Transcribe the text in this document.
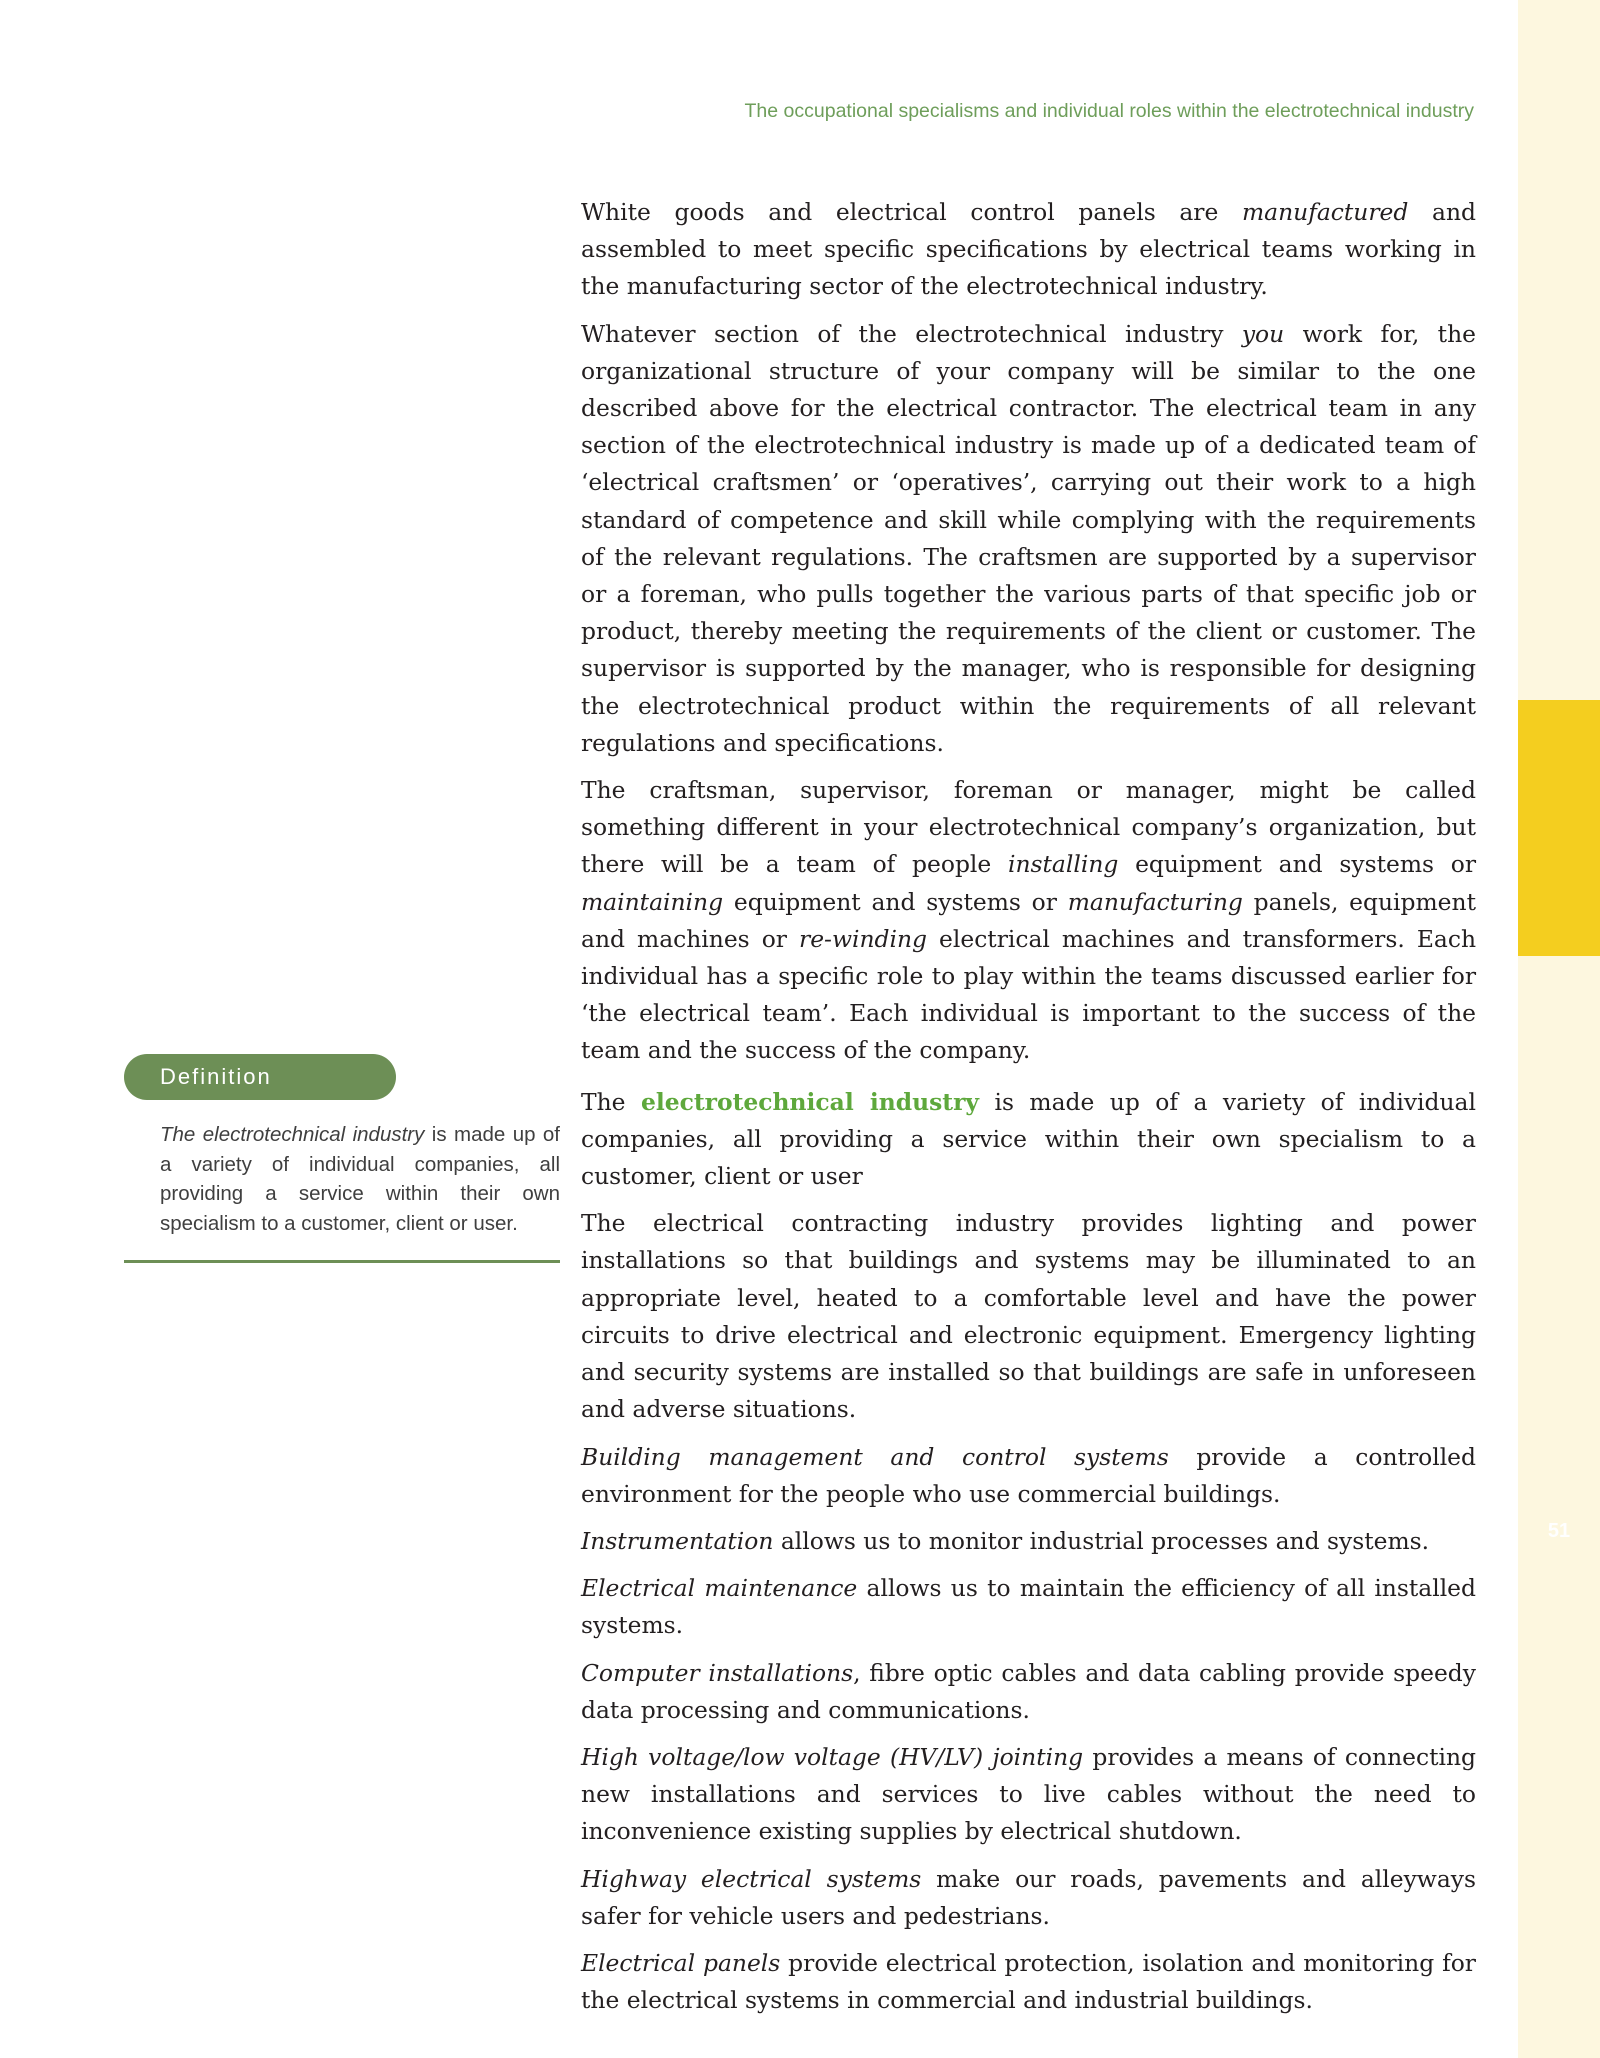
The occupational specialisms and individual roles within the electrotechnical industry
51
Definition
The electrotechnical industry is made up of a variety of individual companies, all providing a service within their own specialism to a customer, client or user.

White goods and electrical control panels are manufactured and assembled to meet specific specifications by electrical teams working in the manufacturing sector of the electrotechnical industry.

Whatever section of the electrotechnical industry you work for, the organizational structure of your company will be similar to the one described above for the electrical contractor. The electrical team in any section of the electrotechnical industry is made up of a dedicated team of ‘electrical craftsmen’ or ‘operatives’, carrying out their work to a high standard of competence and skill while complying with the requirements of the relevant regulations. The craftsmen are supported by a supervisor or a foreman, who pulls together the various parts of that specific job or product, thereby meeting the requirements of the client or customer. The supervisor is supported by the manager, who is responsible for designing the electrotechnical product within the requirements of all relevant regulations and specifications.

The craftsman, supervisor, foreman or manager, might be called something different in your electrotechnical company’s organization, but there will be a team of people installing equipment and systems or maintaining equipment and systems or manufacturing panels, equipment and machines or re-winding electrical machines and transformers. Each individual has a specific role to play within the teams discussed earlier for ‘the electrical team’. Each individual is important to the success of the team and the success of the company.

The electrotechnical industry is made up of a variety of individual companies, all providing a service within their own specialism to a customer, client or user

The electrical contracting industry provides lighting and power installations so that buildings and systems may be illuminated to an appropriate level, heated to a comfortable level and have the power circuits to drive electrical and electronic equipment. Emergency lighting and security systems are installed so that buildings are safe in unforeseen and adverse situations.

Building management and control systems provide a controlled environment for the people who use commercial buildings.

Instrumentation allows us to monitor industrial processes and systems.

Electrical maintenance allows us to maintain the efficiency of all installed systems.

Computer installations, fibre optic cables and data cabling provide speedy data processing and communications.

High voltage/low voltage (HV/LV) jointing provides a means of connecting new installations and services to live cables without the need to inconvenience existing supplies by electrical shutdown.

Highway electrical systems make our roads, pavements and alleyways safer for vehicle users and pedestrians.

Electrical panels provide electrical protection, isolation and monitoring for the electrical systems in commercial and industrial buildings.
